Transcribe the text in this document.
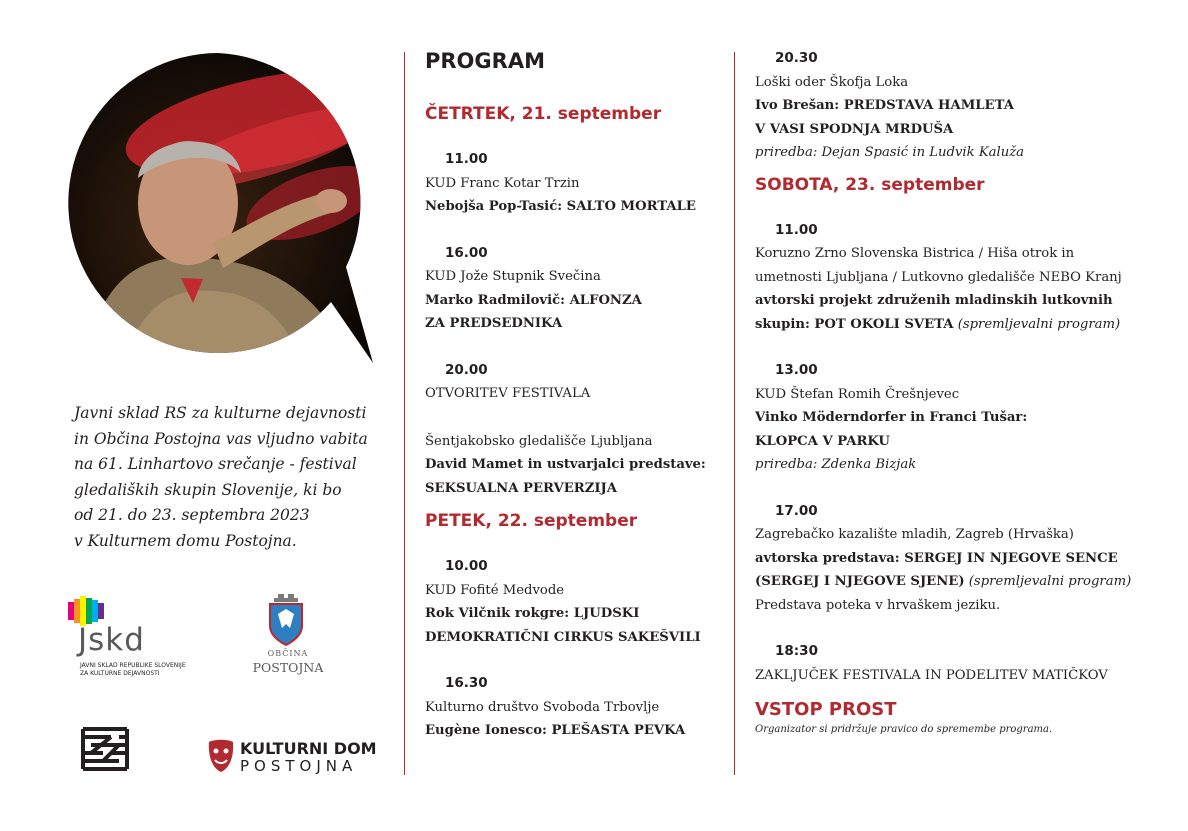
Javni sklad RS za kulturne dejavnosti
in Občina Postojna vas vljudno vabita
na 61. Linhartovo srečanje - festival
gledaliških skupin Slovenije, ki bo
od 21. do 23. septembra 2023
v Kulturnem domu Postojna.
Jskd
JAVNI SKLAD REPUBLIKE SLOVENIJE
ZA KULTURNE DEJAVNOSTI
OBČINA
POSTOJNA
KULTURNI DOM
POSTOJNA
PROGRAM
ČETRTEK, 21. september
11.00
KUD Franc Kotar Trzin
Nebojša Pop-Tasić: SALTO MORTALE
16.00
KUD Jože Stupnik Svečina
Marko Radmilovič: ALFONZA
ZA PREDSEDNIKA
20.00
OTVORITEV FESTIVALA
Šentjakobsko gledališče Ljubljana
David Mamet in ustvarjalci predstave:
SEKSUALNA PERVERZIJA
PETEK, 22. september
10.00
KUD Fofité Medvode
Rok Vilčnik rokgre: LJUDSKI
DEMOKRATIČNI CIRKUS SAKEŠVILI
16.30
Kulturno društvo Svoboda Trbovlje
Eugène Ionesco: PLEŠASTA PEVKA
20.30
Loški oder Škofja Loka
Ivo Brešan: PREDSTAVA HAMLETA
V VASI SPODNJA MRDUŠA
priredba: Dejan Spasić in Ludvik Kaluža
SOBOTA, 23. september
11.00
Koruzno Zrno Slovenska Bistrica / Hiša otrok in
umetnosti Ljubljana / Lutkovno gledališče NEBO Kranj
avtorski projekt združenih mladinskih lutkovnih
skupin: POT OKOLI SVETA (spremljevalni program)
13.00
KUD Štefan Romih Črešnjevec
Vinko Möderndorfer in Franci Tušar:
KLOPCA V PARKU
priredba: Zdenka Bizjak
17.00
Zagrebačko kazalište mladih, Zagreb (Hrvaška)
avtorska predstava: SERGEJ IN NJEGOVE SENCE
(SERGEJ I NJEGOVE SJENE) (spremljevalni program)
Predstava poteka v hrvaškem jeziku.
18:30
ZAKLJUČEK FESTIVALA IN PODELITEV MATIČKOV
VSTOP PROST
Organizator si pridržuje pravico do spremembe programa.
